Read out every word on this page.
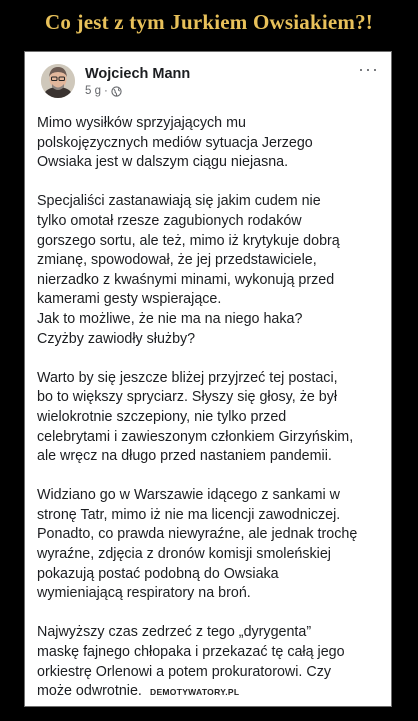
Co jest z tym Jurkiem Owsiakiem?!
Wojciech Mann
5 g ·
···

Mimo wysiłków sprzyjających mu
polskojęzycznych mediów sytuacja Jerzego
Owsiaka jest w dalszym ciągu niejasna.

Specjaliści zastanawiają się jakim cudem nie
tylko omotał rzesze zagubionych rodaków
gorszego sortu, ale też, mimo iż krytykuje dobrą
zmianę, spowodował, że jej przedstawiciele,
nierzadko z kwaśnymi minami, wykonują przed
kamerami gesty wspierające.
Jak to możliwe, że nie ma na niego haka?
Czyżby zawiodły służby?

Warto by się jeszcze bliżej przyjrzeć tej postaci,
bo to większy spryciarz. Słyszy się głosy, że był
wielokrotnie szczepiony, nie tylko przed
celebrytami i zawieszonym członkiem Girzyńskim,
ale wręcz na długo przed nastaniem pandemii.

Widziano go w Warszawie idącego z sankami w
stronę Tatr, mimo iż nie ma licencji zawodniczej.
Ponadto, co prawda niewyraźne, ale jednak trochę
wyraźne, zdjęcia z dronów komisji smoleńskiej
pokazują postać podobną do Owsiaka
wymieniającą respiratory na broń.

Najwyższy czas zedrzeć z tego „dyrygenta”
maskę fajnego chłopaka i przekazać tę całą jego
orkiestrę Orlenowi a potem prokuratorowi. Czy
może odwrotnie. DEMOTYWATORY.PL
